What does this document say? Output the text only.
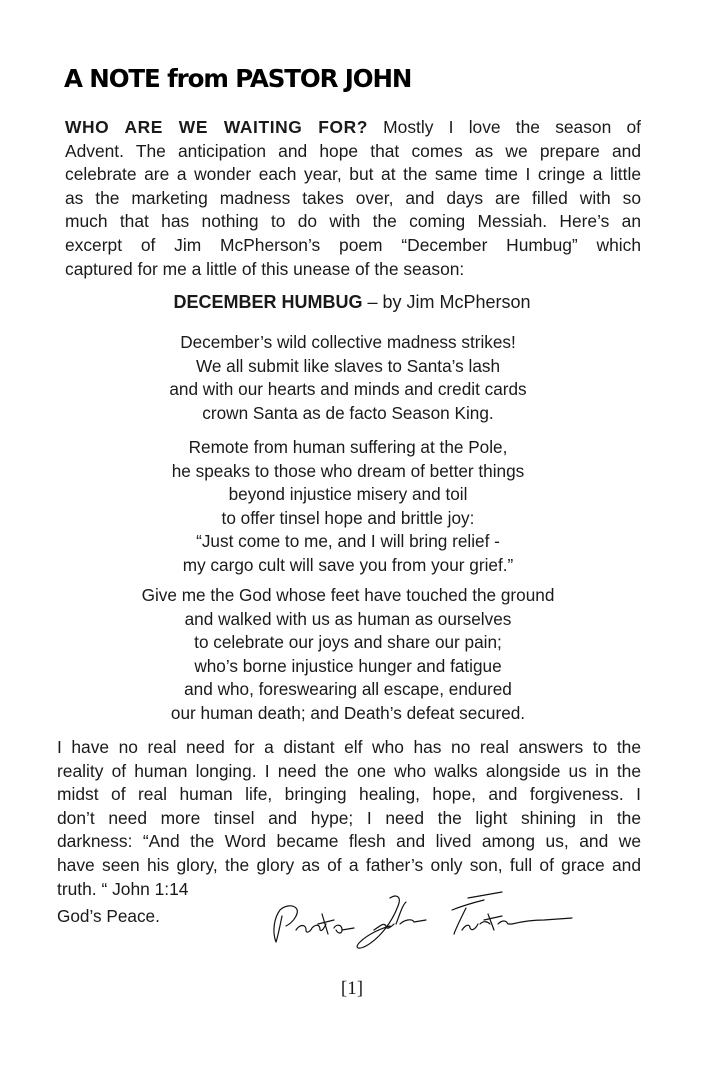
A NOTE from PASTOR JOHN
WHO ARE WE WAITING FOR? Mostly I love the season of
Advent. The anticipation and hope that comes as we prepare and
celebrate are a wonder each year, but at the same time I cringe a little
as the marketing madness takes over, and days are filled with so
much that has nothing to do with the coming Messiah. Here’s an
excerpt of Jim McPherson’s poem “December Humbug” which
captured for me a little of this unease of the season:

DECEMBER HUMBUG – by Jim McPherson

December’s wild collective madness strikes!
We all submit like slaves to Santa’s lash
and with our hearts and minds and credit cards
crown Santa as de facto Season King.
Remote from human suffering at the Pole,
he speaks to those who dream of better things
beyond injustice misery and toil
to offer tinsel hope and brittle joy:
“Just come to me, and I will bring relief -
my cargo cult will save you from your grief.”
Give me the God whose feet have touched the ground
and walked with us as human as ourselves
to celebrate our joys and share our pain;
who’s borne injustice hunger and fatigue
and who, foreswearing all escape, endured
our human death; and Death’s defeat secured.
I have no real need for a distant elf who has no real answers to the
reality of human longing. I need the one who walks alongside us in the
midst of real human life, bringing healing, hope, and forgiveness. I
don’t need more tinsel and hype; I need the light shining in the
darkness: “And the Word became flesh and lived among us, and we
have seen his glory, the glory as of a father’s only son, full of grace and
truth. “ John 1:14

God’s Peace.

[1]
